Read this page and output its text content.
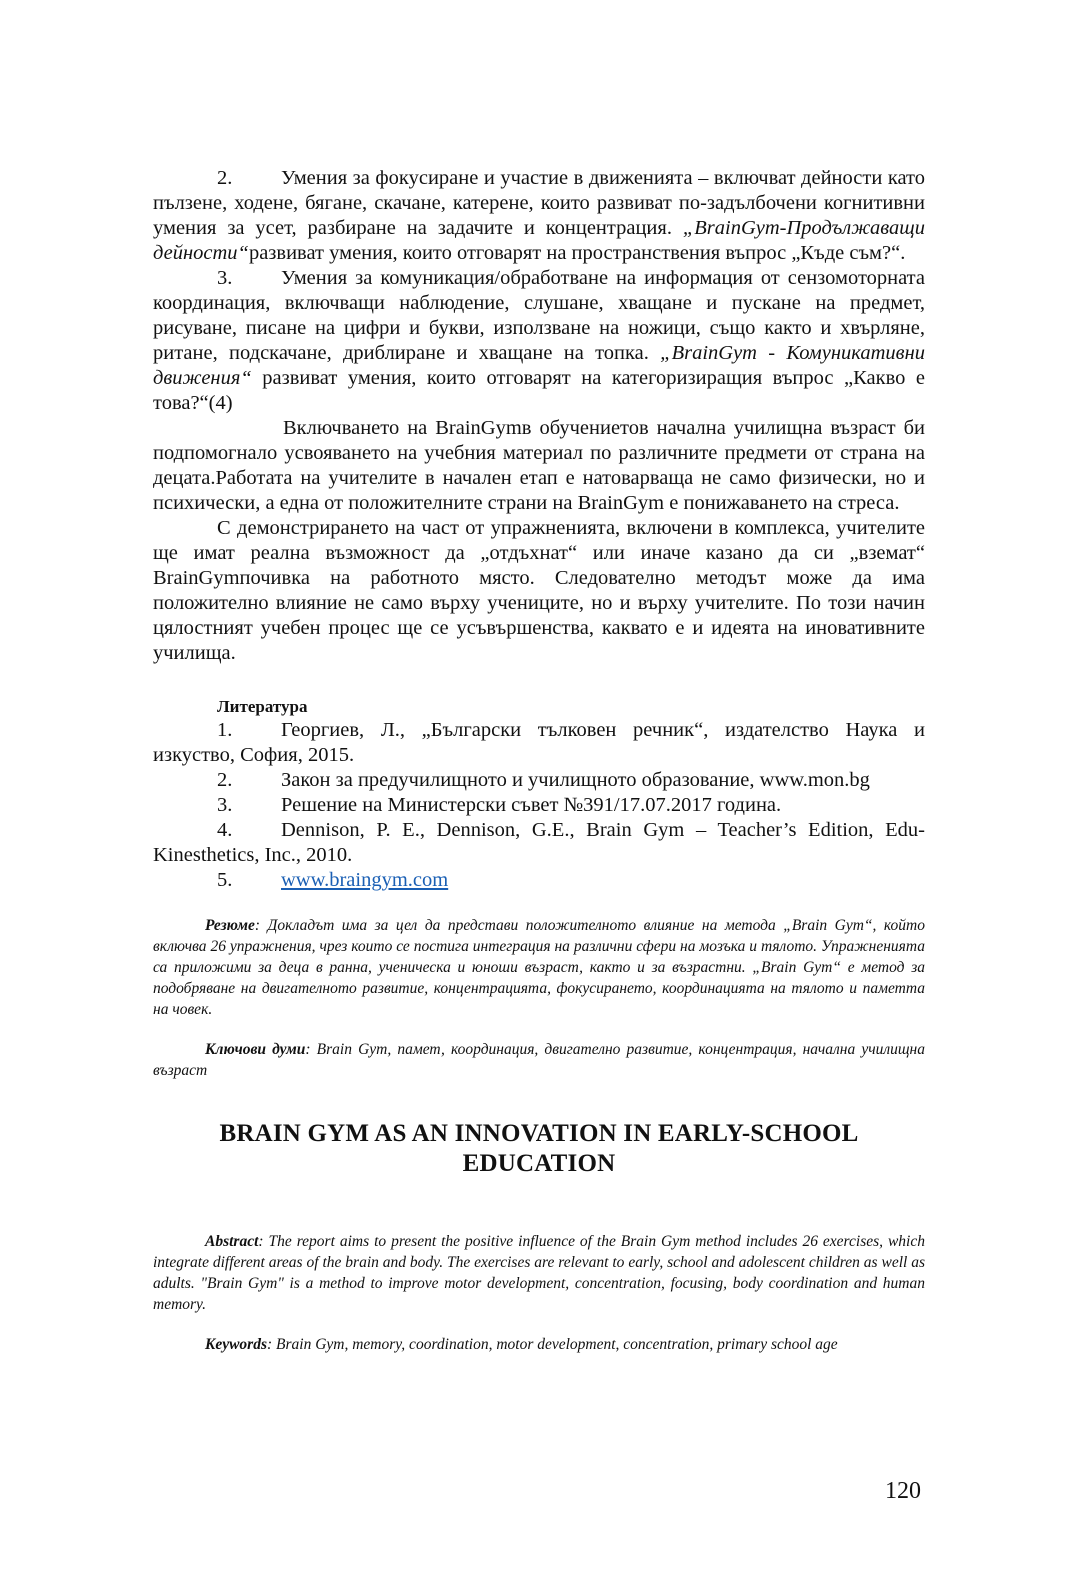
2. Умения за фокусиране и участие в движенията – включват дейности като пълзене, ходене, бягане, скачане, катерене, които развиват по-задълбочени когнитивни умения за усет, разбиране на задачите и концентрация. „BrainGym-Продължаващи дейности“развиват умения, които отговарят на пространствения въпрос „Къде съм?“.

3. Умения за комуникация/обработване на информация от сензомоторната координация, включващи наблюдение, слушане, хващане и пускане на предмет, рисуване, писане на цифри и букви, използване на ножици, също както и хвърляне, ритане, подскачане, дриблиране и хващане на топка. „BrainGym - Комуникативни движения“ развиват умения, които отговарят на категоризиращия въпрос „Какво е това?“(4)

Включването на BrainGymв обучениетов начална училищна възраст би подпомогнало усвояването на учебния материал по различните предмети от страна на децата.Работата на учителите в начален етап е натоварваща не само физически, но и психически, а една от положителните страни на BrainGym е понижаването на стреса.

С демонстрирането на част от упражненията, включени в комплекса, учителите ще имат реална възможност да „отдъхнат“ или иначе казано да си „вземат“ BrainGymпочивка на работното място. Следователно методът може да има положително влияние не само върху учениците, но и върху учителите. По този начин цялостният учебен процес ще се усъвършенства, каквато е и идеята на иновативните училища.

Литература

1. Георгиев, Л., „Български тълковен речник“, издателство Наука и изкуство, София, 2015.

2. Закон за предучилищното и училищното образование, www.mon.bg

3. Решение на Министерски съвет №391/17.07.2017 година.

4. Dennison, P. E., Dennison, G.E., Brain Gym – Teacher’s Edition, Edu-Kinesthetics, Inc., 2010.

5. www.braingym.com

Резюме: Докладът има за цел да представи положителното влияние на метода „Brain Gym“, който включва 26 упражнения, чрез които се постига интеграция на различни сфери на мозъка и тялото. Упражненията са приложими за деца в ранна, ученическа и юноши възраст, както и за възрастни. „Brain Gym“ е метод за подобряване на двигателното развитие, концентрацията, фокусирането, координацията на тялото и паметта на човек.

Ключови думи: Brain Gym, памет, координация, двигателно развитие, концентрация, начална училищна възраст

BRAIN GYM AS AN INNOVATION IN EARLY-SCHOOL

EDUCATION

Abstract: The report aims to present the positive influence of the Brain Gym method includes 26 exercises, which integrate different areas of the brain and body. The exercises are relevant to early, school and adolescent children as well as adults. "Brain Gym" is a method to improve motor development, concentration, focusing, body coordination and human memory.

Keywords: Brain Gym, memory, coordination, motor development, concentration, primary school age

120
